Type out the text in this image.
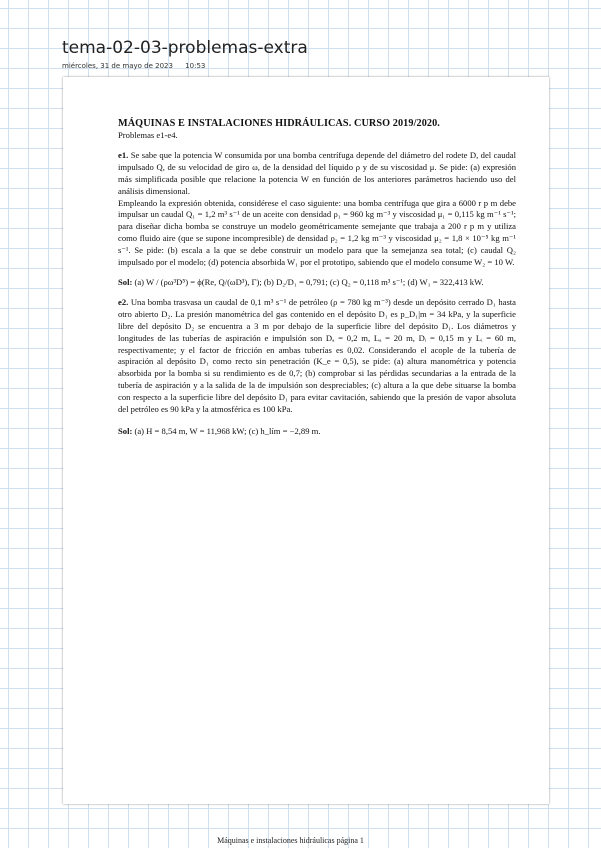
tema-02-03-problemas-extra
miércoles, 31 de mayo de 2023 10:53
MÁQUINAS E INSTALACIONES HIDRÁULICAS. CURSO 2019/2020.
Problemas e1-e4.

e1. Se sabe que la potencia W consumida por una bomba centrífuga depende del diámetro del rodete D, del caudal impulsado Q, de su velocidad de giro ω, de la densidad del líquido ρ y de su viscosidad μ. Se pide: (a) expresión más simplificada posible que relacione la potencia W en función de los anteriores parámetros haciendo uso del análisis dimensional.

Empleando la expresión obtenida, considérese el caso siguiente: una bomba centrífuga que gira a 6000 r p m debe impulsar un caudal Q₁ = 1,2 m³ s⁻¹ de un aceite con densidad ρ₁ = 960 kg m⁻³ y viscosidad μ₁ = 0,115 kg m⁻¹ s⁻¹; para diseñar dicha bomba se construye un modelo geométricamente semejante que trabaja a 200 r p m y utiliza como fluido aire (que se supone incompresible) de densidad ρ₂ = 1,2 kg m⁻³ y viscosidad μ₂ = 1,8 × 10⁻⁵ kg m⁻¹ s⁻¹. Se pide: (b) escala a la que se debe construir un modelo para que la semejanza sea total; (c) caudal Q₂ impulsado por el modelo; (d) potencia absorbida W₁ por el prototipo, sabiendo que el modelo consume W₂ = 10 W.

Sol: (a) W / (ρω³D⁵) = ϕ(Re, Q/(ωD³), Γ); (b) D₂/D₁ = 0,791; (c) Q₂ = 0,118 m³ s⁻¹; (d) W₁ = 322,413 kW.

e2. Una bomba trasvasa un caudal de 0,1 m³ s⁻¹ de petróleo (ρ = 780 kg m⁻³) desde un depósito cerrado D₁ hasta otro abierto D₂. La presión manométrica del gas contenido en el depósito D₁ es p_D₁|m = 34 kPa, y la superficie libre del depósito D₂ se encuentra a 3 m por debajo de la superficie libre del depósito D₁. Los diámetros y longitudes de las tuberías de aspiración e impulsión son Dₐ = 0,2 m, Lₐ = 20 m, Dᵢ = 0,15 m y Lᵢ = 60 m, respectivamente; y el factor de fricción en ambas tuberías es 0,02. Considerando el acople de la tubería de aspiración al depósito D₁ como recto sin penetración (K_e = 0,5), se pide: (a) altura manométrica y potencia absorbida por la bomba si su rendimiento es de 0,7; (b) comprobar si las pérdidas secundarias a la entrada de la tubería de aspiración y a la salida de la de impulsión son despreciables; (c) altura a la que debe situarse la bomba con respecto a la superficie libre del depósito D₁ para evitar cavitación, sabiendo que la presión de vapor absoluta del petróleo es 90 kPa y la atmosférica es 100 kPa.

Sol: (a) H = 8,54 m, W = 11,968 kW; (c) h_lím = −2,89 m.

Máquinas e instalaciones hidráulicas página 1
